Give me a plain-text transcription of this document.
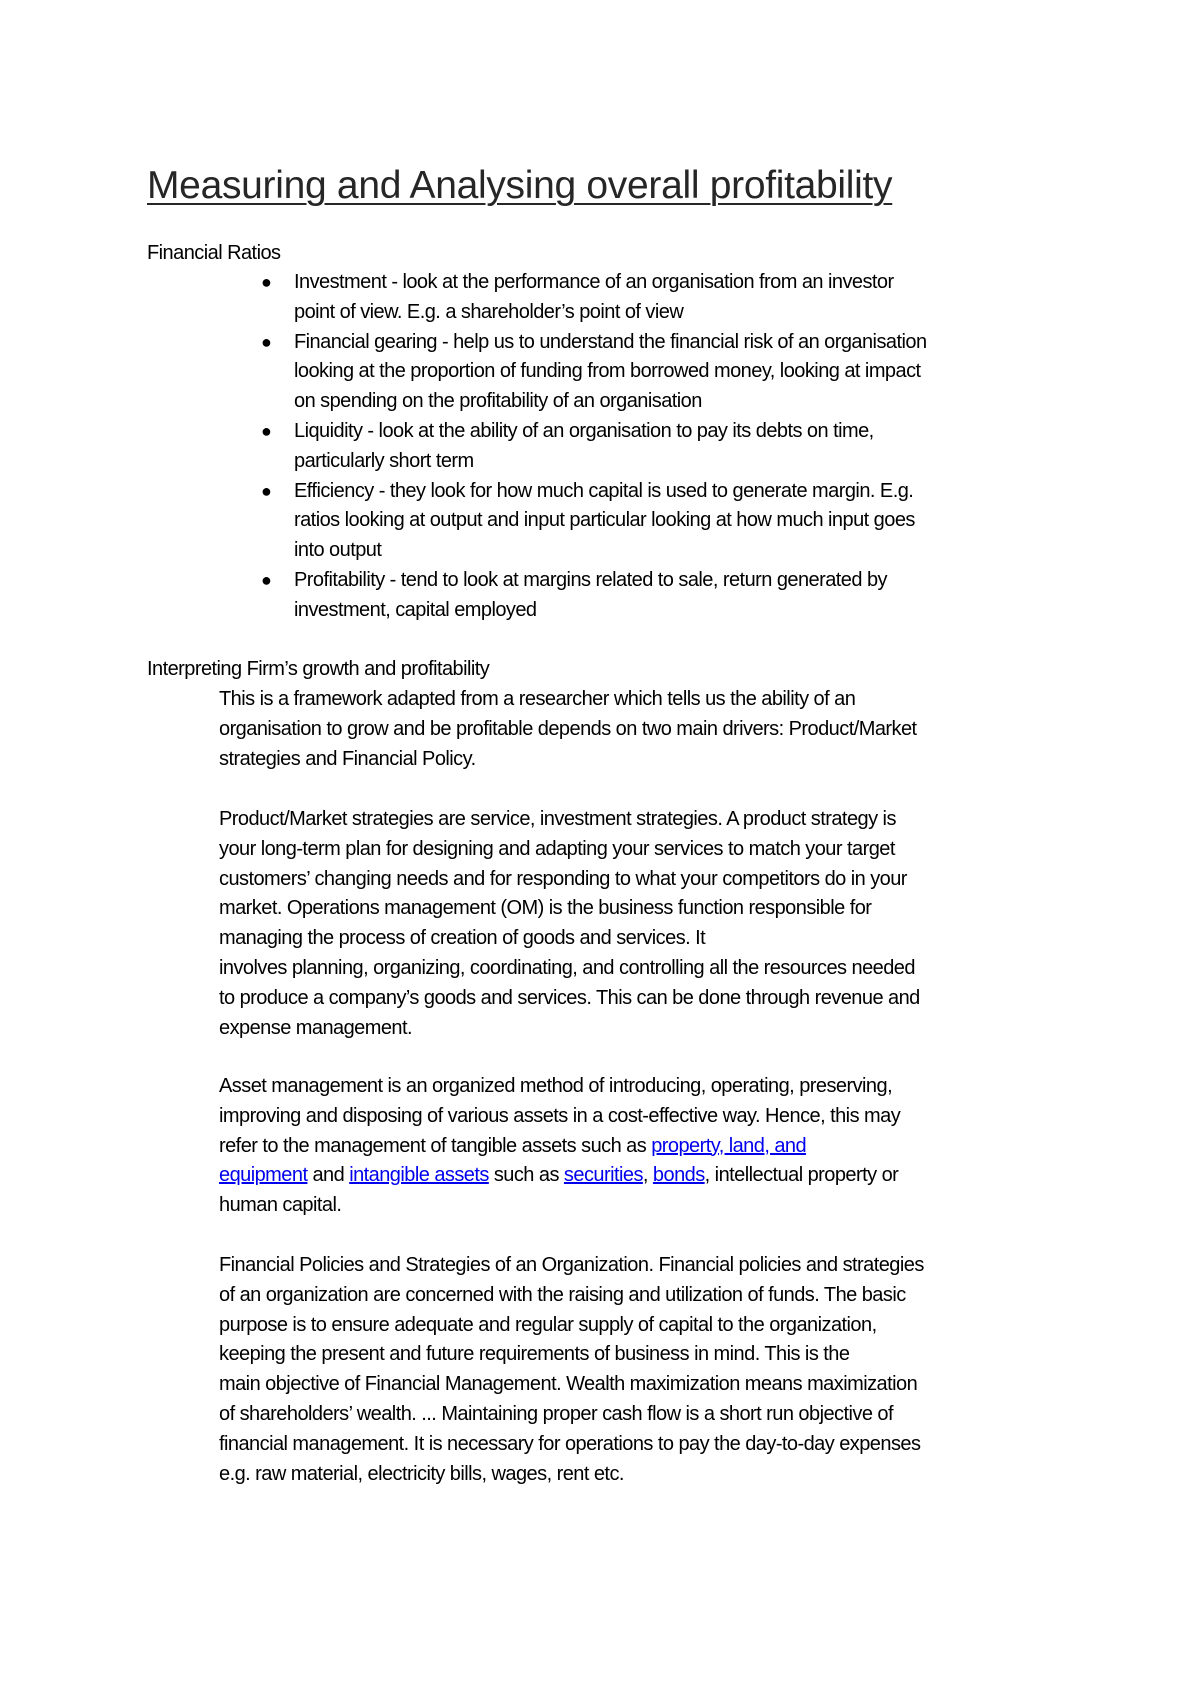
Measuring and Analysing overall profitability
Financial Ratios
● Investment - look at the performance of an organisation from an investor
point of view. E.g. a shareholder’s point of view
● Financial gearing - help us to understand the financial risk of an organisation
looking at the proportion of funding from borrowed money, looking at impact
on spending on the profitability of an organisation
● Liquidity - look at the ability of an organisation to pay its debts on time,
particularly short term
● Efficiency - they look for how much capital is used to generate margin. E.g.
ratios looking at output and input particular looking at how much input goes
into output
● Profitability - tend to look at margins related to sale, return generated by
investment, capital employed
Interpreting Firm’s growth and profitability
This is a framework adapted from a researcher which tells us the ability of an
organisation to grow and be profitable depends on two main drivers: Product/Market
strategies and Financial Policy.
Product/Market strategies are service, investment strategies. A product strategy is
your long-term plan for designing and adapting your services to match your target
customers’ changing needs and for responding to what your competitors do in your
market. Operations management (OM) is the business function responsible for
managing the process of creation of goods and services. It
involves planning, organizing, coordinating, and controlling all the resources needed
to produce a company’s goods and services. This can be done through revenue and
expense management.
Asset management is an organized method of introducing, operating, preserving,
improving and disposing of various assets in a cost-effective way. Hence, this may
refer to the management of tangible assets such as property, land, and
equipment and intangible assets such as securities, bonds, intellectual property or
human capital.
Financial Policies and Strategies of an Organization. Financial policies and strategies
of an organization are concerned with the raising and utilization of funds. The basic
purpose is to ensure adequate and regular supply of capital to the organization,
keeping the present and future requirements of business in mind. This is the
main objective of Financial Management. Wealth maximization means maximization
of shareholders’ wealth. ... Maintaining proper cash flow is a short run objective of
financial management. It is necessary for operations to pay the day-to-day expenses
e.g. raw material, electricity bills, wages, rent etc.
